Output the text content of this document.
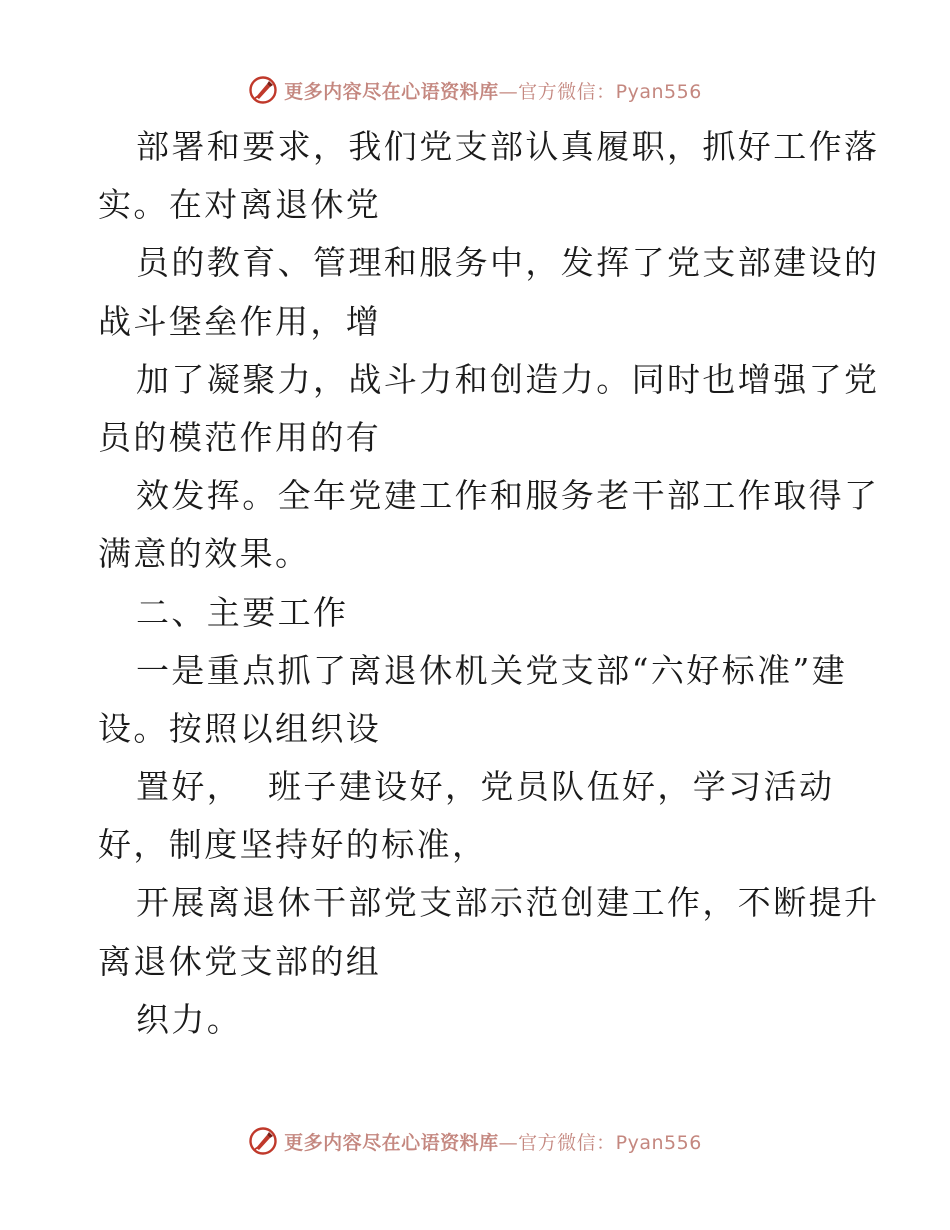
更多内容尽在心语资料库—官方微信：Pyan556
部署和要求，我们党支部认真履职，抓好工作落
实。在对离退休党
员的教育、管理和服务中，发挥了党支部建设的
战斗堡垒作用，增
加了凝聚力，战斗力和创造力。同时也增强了党
员的模范作用的有
效发挥。全年党建工作和服务老干部工作取得了
满意的效果。
二、主要工作
一是重点抓了离退休机关党支部“六好标准”建
设。按照以组织设
置好，  班子建设好，党员队伍好，学习活动
好，制度坚持好的标准，
开展离退休干部党支部示范创建工作，不断提升
离退休党支部的组
织力。
更多内容尽在心语资料库—官方微信：Pyan556
